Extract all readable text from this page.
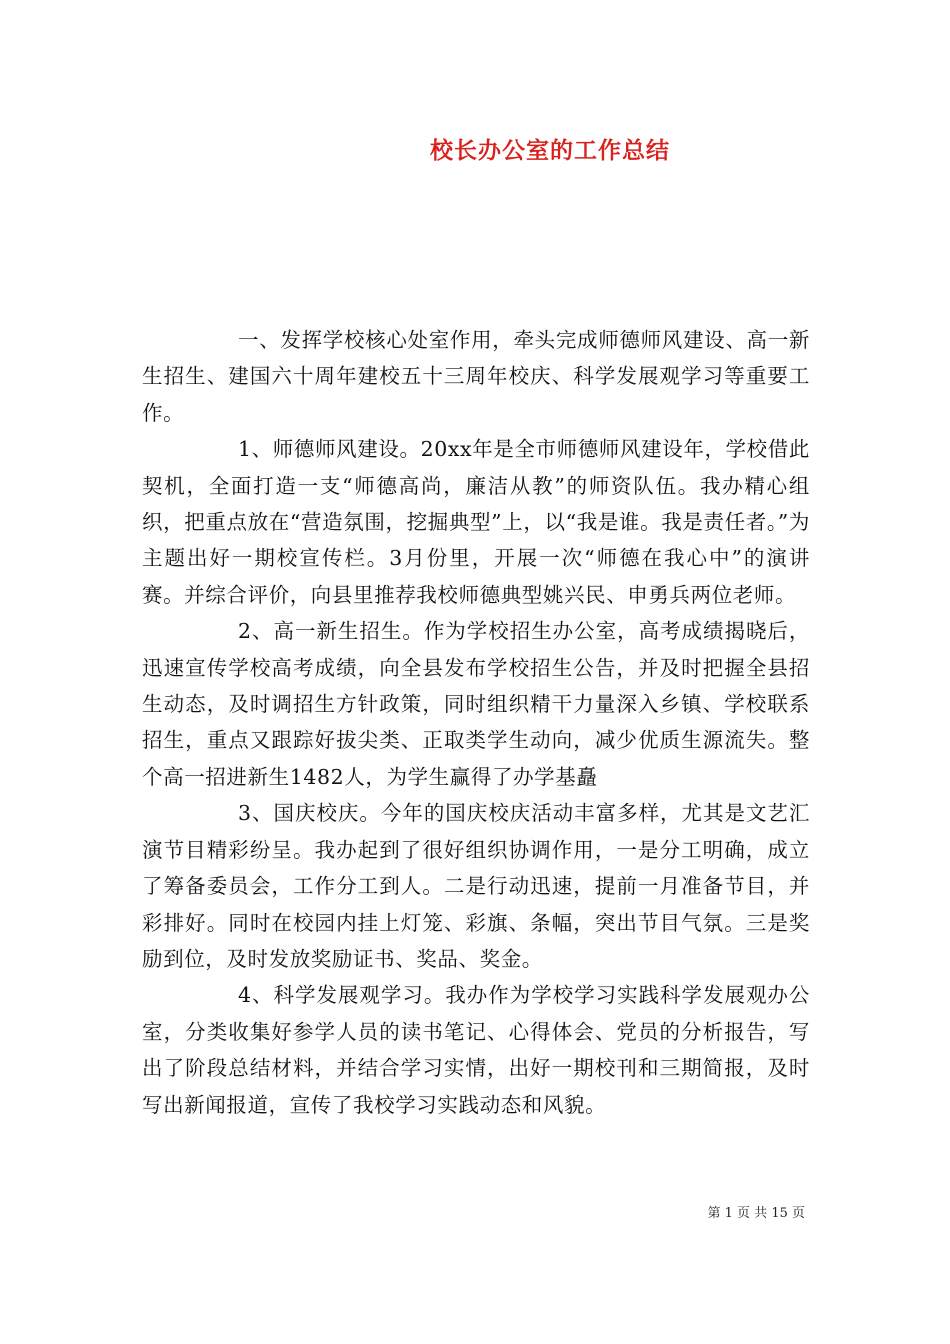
校长办公室的工作总结

一、发挥学校核心处室作用，牵头完成师德师风建设、高一新生招生、建国六十周年建校五十三周年校庆、科学发展观学习等重要工作。

1、师德师风建设。20xx年是全市师德师风建设年，学校借此契机，全面打造一支“师德高尚，廉洁从教”的师资队伍。我办精心组织，把重点放在“营造氛围，挖掘典型”上，以“我是谁。我是责任者。”为主题出好一期校宣传栏。3月份里，开展一次“师德在我心中”的演讲赛。并综合评价，向县里推荐我校师德典型姚兴民、申勇兵两位老师。

2、高一新生招生。作为学校招生办公室，高考成绩揭晓后，迅速宣传学校高考成绩，向全县发布学校招生公告，并及时把握全县招生动态，及时调招生方针政策，同时组织精干力量深入乡镇、学校联系招生，重点又跟踪好拔尖类、正取类学生动向，减少优质生源流失。整个高一招进新生1482人，为学生赢得了办学基矗

3、国庆校庆。今年的国庆校庆活动丰富多样，尤其是文艺汇演节目精彩纷呈。我办起到了很好组织协调作用，一是分工明确，成立了筹备委员会，工作分工到人。二是行动迅速，提前一月准备节目，并彩排好。同时在校园内挂上灯笼、彩旗、条幅，突出节目气氛。三是奖励到位，及时发放奖励证书、奖品、奖金。

4、科学发展观学习。我办作为学校学习实践科学发展观办公室，分类收集好参学人员的读书笔记、心得体会、党员的分析报告，写出了阶段总结材料，并结合学习实情，出好一期校刊和三期简报，及时写出新闻报道，宣传了我校学习实践动态和风貌。

第 1 页 共 15 页
